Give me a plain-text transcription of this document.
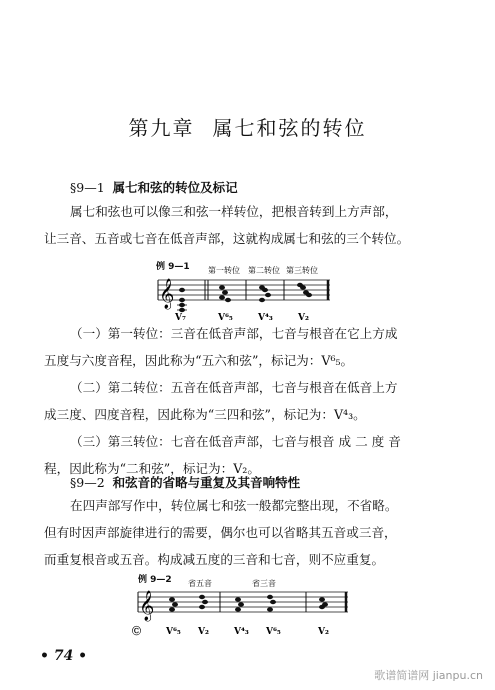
第九章 属七和弦的转位
§9—1 属七和弦的转位及标记
属七和弦也可以像三和弦一样转位，把根音转到上方声部，
让三音、五音或七音在低音声部，这就构成属七和弦的三个转位。
例 9—1 第一转位 第二转位 第三转位
𝄞
V₇	V⁶₅	V⁴₃	V₂
（一）第一转位：三音在低音声部，七音与根音在它上方成
五度与六度音程，因此称为“五六和弦”，标记为：V⁶₅。
（二）第二转位：五音在低音声部，七音与根音在低音上方
成三度、四度音程，因此称为“三四和弦”，标记为：V⁴₃。
（三）第三转位：七音在低音声部，七音与根音 成 二 度 音
程，因此称为“二和弦”，标记为：V₂。
§9—2 和弦音的省略与重复及其音响特性
在四声部写作中，转位属七和弦一般都完整出现，不省略。
但有时因声部旋律进行的需要，偶尔也可以省略其五音或三音，
而重复根音或五音。构成减五度的三音和七音，则不应重复。
例 9—2 省五音	省三音
𝄞
Ⓒ	V⁶₅ V₂	V⁴₃ V⁶₅	V₂
• 74 •
歌谱简谱网 jianpu.cn
